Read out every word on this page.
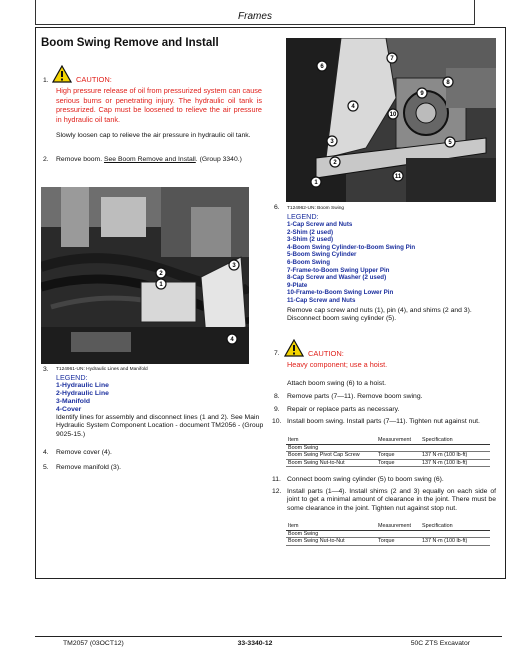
Frames
Boom Swing Remove and Install
1.	CAUTION:
High pressure release of oil from pressurized system can cause serious burns or penetrating injury. The hydraulic oil tank is pressurized. Cap must be loosened to relieve the air pressure in hydraulic oil tank.
Slowly loosen cap to relieve the air pressure in hydraulic oil tank.
2. Remove boom. See Boom Remove and Install. (Group 3340.)
1
2
3
4
3. T124961-UN: Hydraulic Lines and Manifold
LEGEND:
1-Hydraulic Line
2-Hydraulic Line
3-Manifold
4-Cover
Identify lines for assembly and disconnect lines (1 and 2). See Main Hydraulic System Component Location - document TM2056 - (Group 9025-15.)
4. Remove cover (4).
5. Remove manifold (3).
6
7
8
9
4
10
3	5
2
1
11
6. T124962-UN: Boom Swing
LEGEND:
1-Cap Screw and Nuts
2-Shim (2 used)
3-Shim (2 used)
4-Boom Swing Cylinder-to-Boom Swing Pin
5-Boom Swing Cylinder
6-Boom Swing
7-Frame-to-Boom Swing Upper Pin
8-Cap Screw and Washer (2 used)
9-Plate
10-Frame-to-Boom Swing Lower Pin
11-Cap Screw and Nuts
Remove cap screw and nuts (1), pin (4), and shims (2 and 3). Disconnect boom swing cylinder (5).
7.	CAUTION:
Heavy component; use a hoist.
Attach boom swing (6) to a hoist.
8. Remove parts (7—11). Remove boom swing.
9. Repair or replace parts as necessary.
10. Install boom swing. Install parts (7—11). Tighten nut against nut.
Item	Measurement	Specification
Boom Swing		
Boom Swing Pivot Cap Screw	Torque	137 N·m (100 lb-ft)
Boom Swing Nut-to-Nut	Torque	137 N·m (100 lb-ft)
11. Connect boom swing cylinder (5) to boom swing (6).
12. Install parts (1—4). Install shims (2 and 3) equally on each side of joint to get a minimal amount of clearance in the joint. There must be some clearance in the joint. Tighten nut against stop nut.
Item	Measurement	Specification
Boom Swing		
Boom Swing Nut-to-Nut	Torque	137 N·m (100 lb-ft)
TM2057 (03OCT12)	33-3340-12	50C ZTS Excavator
